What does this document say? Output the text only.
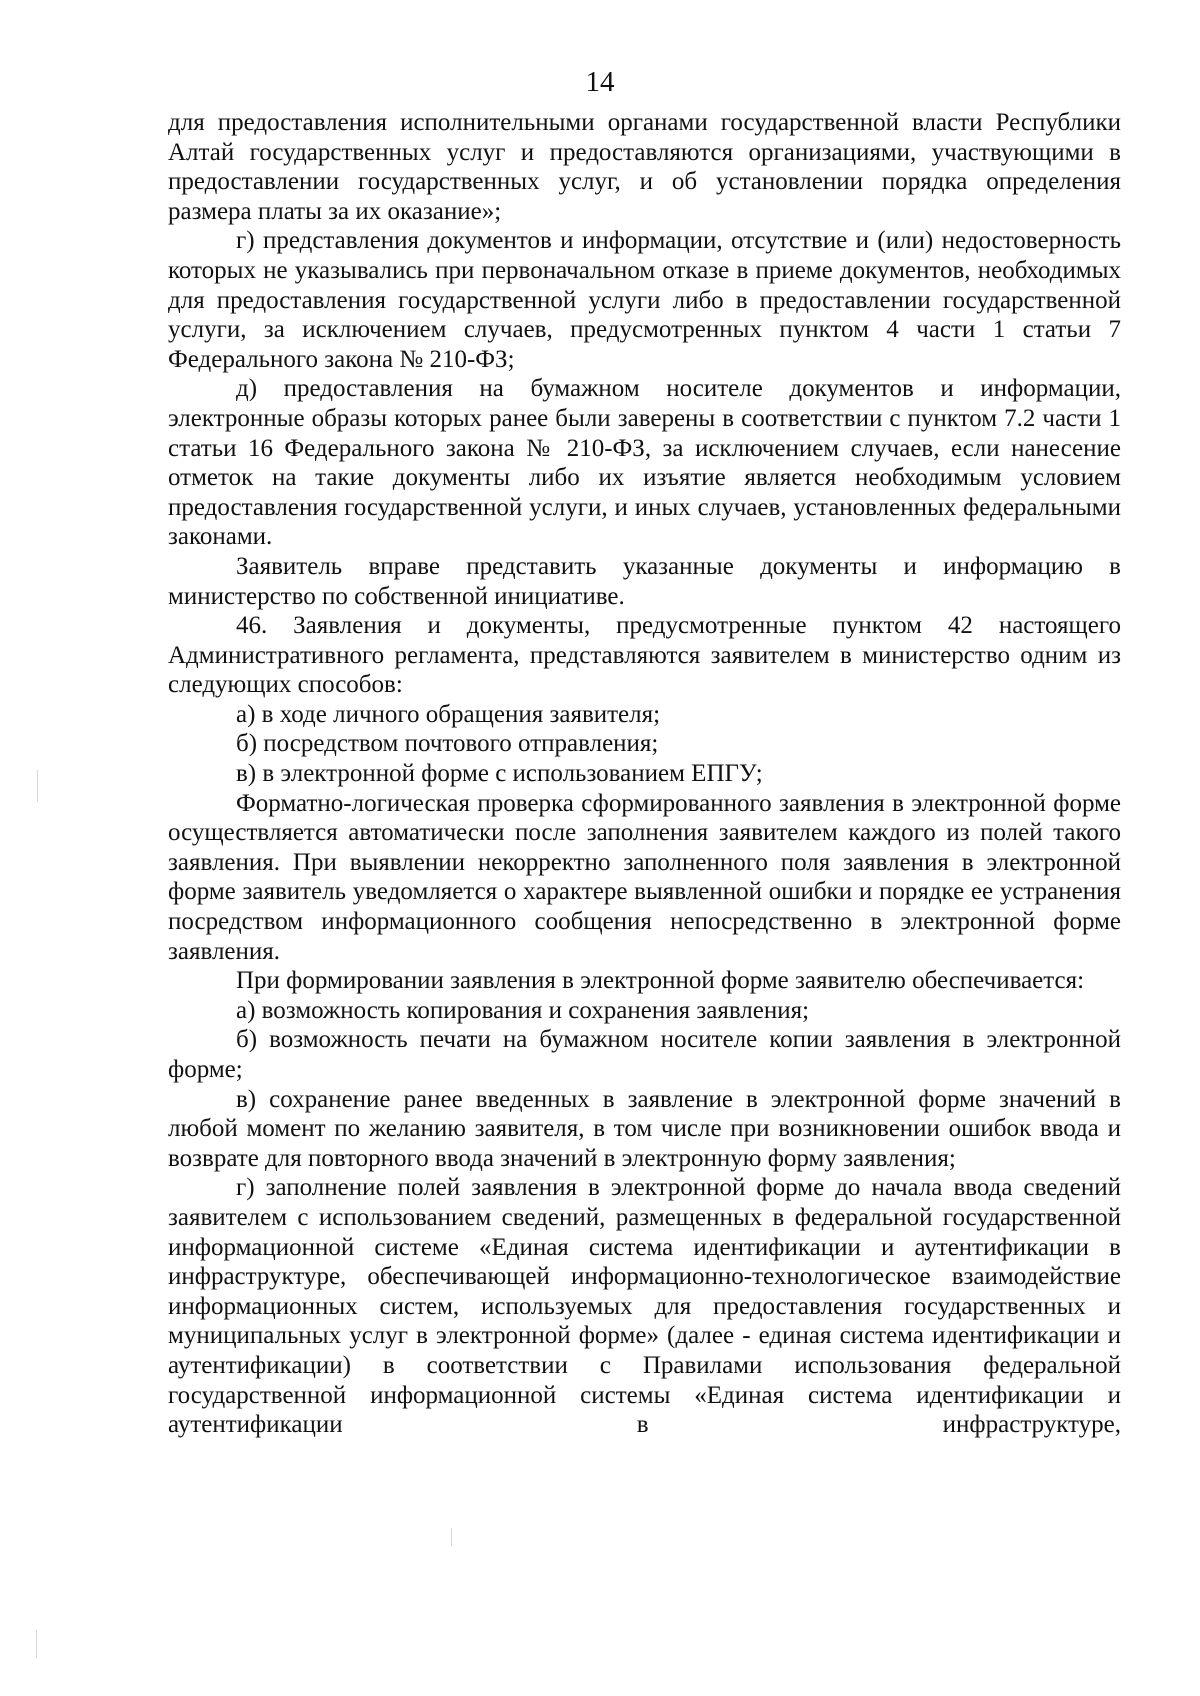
14

для предоставления исполнительными органами государственной власти Республики Алтай государственных услуг и предоставляются организациями, участвующими в предоставлении государственных услуг, и об установлении порядка определения размера платы за их оказание»;

г) представления документов и информации, отсутствие и (или) недостоверность которых не указывались при первоначальном отказе в приеме документов, необходимых для предоставления государственной услуги либо в предоставлении государственной услуги, за исключением случаев, предусмотренных пунктом 4 части 1 статьи 7 Федерального закона № 210-ФЗ;

д) предоставления на бумажном носителе документов и информации, электронные образы которых ранее были заверены в соответствии с пунктом 7.2 части 1 статьи 16 Федерального закона № 210-ФЗ, за исключением случаев, если нанесение отметок на такие документы либо их изъятие является необходимым условием предоставления государственной услуги, и иных случаев, установленных федеральными законами.

Заявитель вправе представить указанные документы и информацию в министерство по собственной инициативе.

46. Заявления и документы, предусмотренные пунктом 42 настоящего Административного регламента, представляются заявителем в министерство одним из следующих способов:

а) в ходе личного обращения заявителя;

б) посредством почтового отправления;

в) в электронной форме с использованием ЕПГУ;

Форматно-логическая проверка сформированного заявления в электронной форме осуществляется автоматически после заполнения заявителем каждого из полей такого заявления. При выявлении некорректно заполненного поля заявления в электронной форме заявитель уведомляется о характере выявленной ошибки и порядке ее устранения посредством информационного сообщения непосредственно в электронной форме заявления.

При формировании заявления в электронной форме заявителю обеспечивается:

а) возможность копирования и сохранения заявления;

б) возможность печати на бумажном носителе копии заявления в электронной форме;

в) сохранение ранее введенных в заявление в электронной форме значений в любой момент по желанию заявителя, в том числе при возникновении ошибок ввода и возврате для повторного ввода значений в электронную форму заявления;

г) заполнение полей заявления в электронной форме до начала ввода сведений заявителем с использованием сведений, размещенных в федеральной государственной информационной системе «Единая система идентификации и аутентификации в инфраструктуре, обеспечивающей информационно-технологическое взаимодействие информационных систем, используемых для предоставления государственных и муниципальных услуг в электронной форме» (далее - единая система идентификации и аутентификации) в соответствии с Правилами использования федеральной государственной информационной системы «Единая система идентификации и аутентификации в инфраструктуре,
